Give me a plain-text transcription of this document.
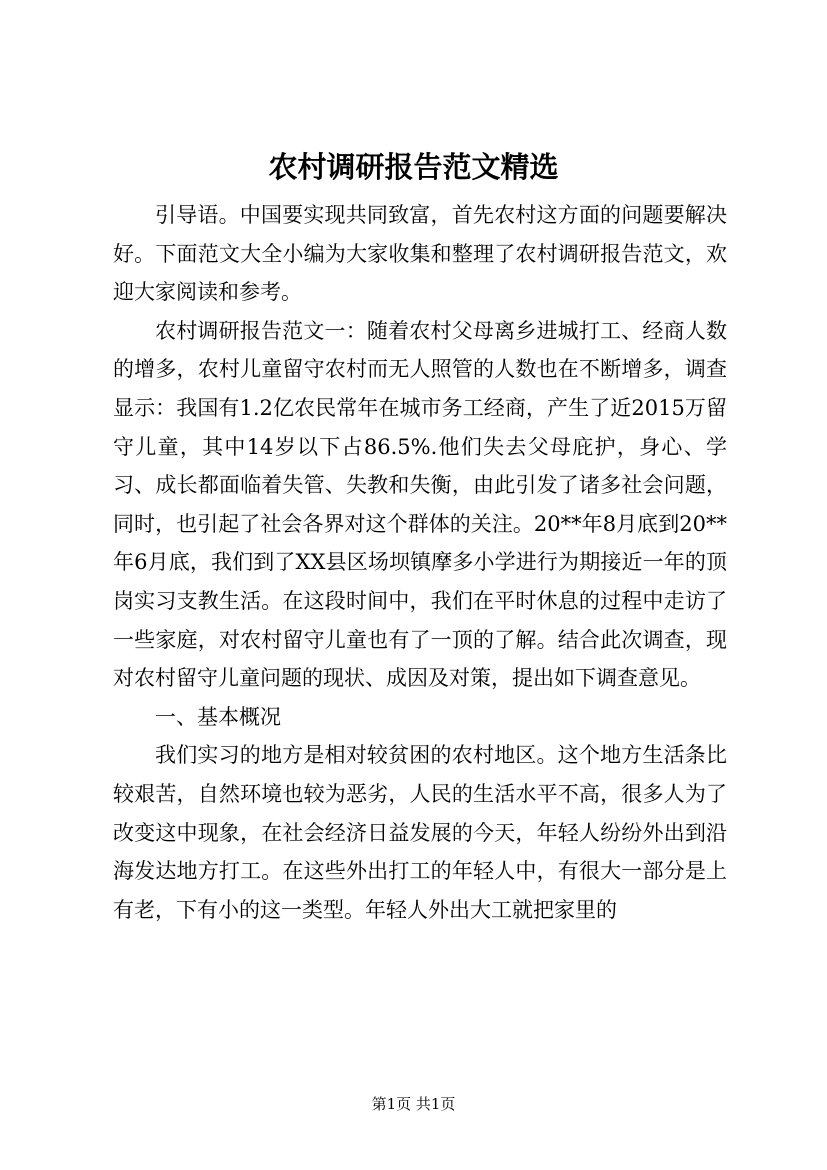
农村调研报告范文精选

引导语。中国要实现共同致富，首先农村这方面的问题要解决好。下面范文大全小编为大家收集和整理了农村调研报告范文，欢迎大家阅读和参考。

农村调研报告范文一：随着农村父母离乡进城打工、经商人数的增多，农村儿童留守农村而无人照管的人数也在不断增多，调查显示：我国有1.2亿农民常年在城市务工经商，产生了近2015万留守儿童，其中14岁以下占86.5%.他们失去父母庇护，身心、学习、成长都面临着失管、失教和失衡，由此引发了诸多社会问题，同时，也引起了社会各界对这个群体的关注。20**年8月底到20**年6月底，我们到了XX县区场坝镇摩多小学进行为期接近一年的顶岗实习支教生活。在这段时间中，我们在平时休息的过程中走访了一些家庭，对农村留守儿童也有了一顶的了解。结合此次调查，现对农村留守儿童问题的现状、成因及对策，提出如下调查意见。

一、基本概况

我们实习的地方是相对较贫困的农村地区。这个地方生活条比较艰苦，自然环境也较为恶劣，人民的生活水平不高，很多人为了改变这中现象，在社会经济日益发展的今天，年轻人纷纷外出到沿海发达地方打工。在这些外出打工的年轻人中，有很大一部分是上有老，下有小的这一类型。年轻人外出大工就把家里的

第1页 共1页
